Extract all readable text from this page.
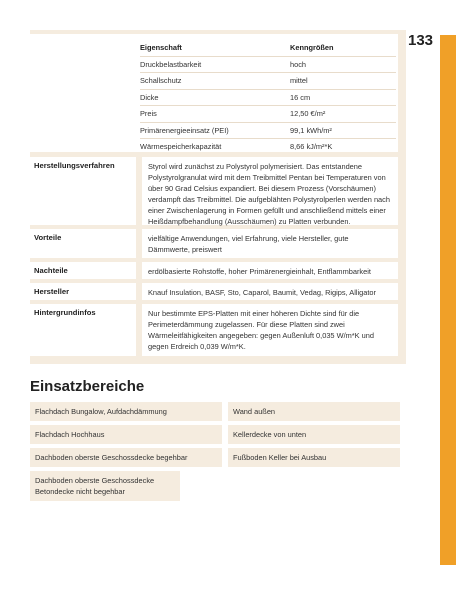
133
Eigenschaft	Kenngrößen
Druckbelastbarkeit	hoch
Schallschutz	mittel
Dicke	16 cm
Preis	12,50 €/m²
Primärenergieeinsatz (PEI)	99,1 kWh/m²
Wärmespeicherkapazität	8,66 kJ/m²*K
Herstellungsverfahren	Styrol wird zunächst zu Polystyrol polymerisiert. Das entstandene Polystyrolgranulat wird mit dem Treibmittel Pentan bei Temperaturen von über 90 Grad Celsius expandiert. Bei diesem Prozess (Vorschäumen) verdampft das Treibmittel. Die aufgeblähten Polystyrolperlen werden nach einer Zwischenlagerung in Formen gefüllt und anschließend mittels einer Heißdampfbehandlung (Ausschäumen) zu Platten verbunden.
Vorteile	vielfältige Anwendungen, viel Erfahrung, viele Hersteller, gute Dämmwerte, preiswert
Nachteile	erdölbasierte Rohstoffe, hoher Primärenergieinhalt, Entflammbarkeit
Hersteller	Knauf Insulation, BASF, Sto, Caparol, Baumit, Vedag, Rigips, Alligator
Hintergrundinfos	Nur bestimmte EPS-Platten mit einer höheren Dichte sind für die Perimeterdämmung zugelassen. Für diese Platten sind zwei Wärmeleitfähigkeiten angegeben: gegen Außenluft 0,035 W/m*K und gegen Erdreich 0,039 W/m*K.
Einsatzbereiche
Flachdach Bungalow, Aufdachdämmung
Flachdach Hochhaus
Dachboden oberste Geschossdecke begehbar
Dachboden oberste Geschossdecke Betondecke nicht begehbar
Wand außen
Kellerdecke von unten
Fußboden Keller bei Ausbau
